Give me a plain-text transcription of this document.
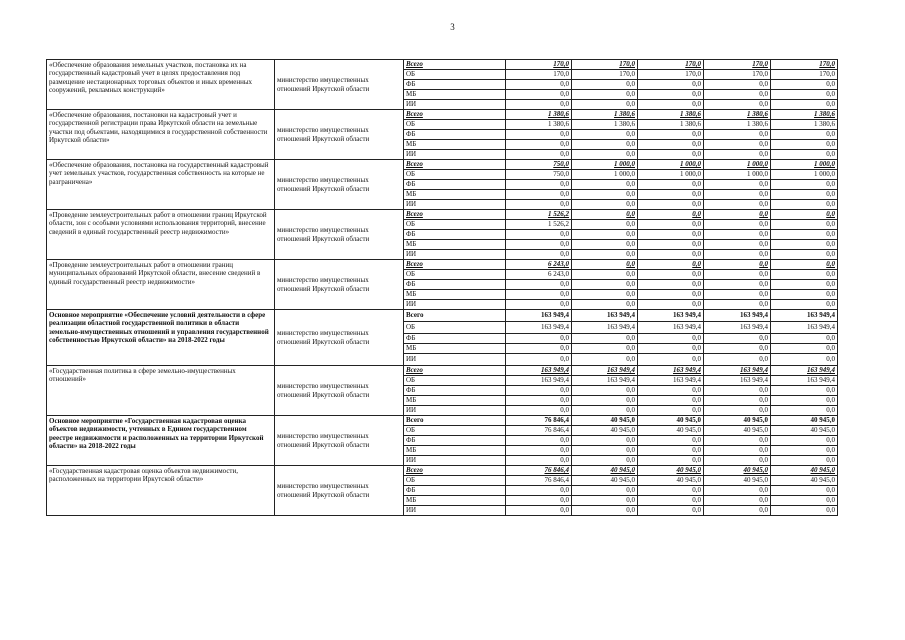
3
«Обеспечение образования земельных участков, постановка их на государственный кадастровый учет в целях предоставления под размещение нестационарных торговых объектов и иных временных сооружений, рекламных конструкций»	министерство имущественных отношений Иркутской области	Всего	170,0	170,0	170,0	170,0	170,0
		ОБ	170,0	170,0	170,0	170,0	170,0
		ФБ	0,0	0,0	0,0	0,0	0,0
		МБ	0,0	0,0	0,0	0,0	0,0
		ИИ	0,0	0,0	0,0	0,0	0,0
«Обеспечение образования, постановки на кадастровый учет и государственной регистрации права Иркутской области на земельные участки под объектами, находящимися в государственной собственности Иркутской области»	министерство имущественных отношений Иркутской области	Всего	1 380,6	1 380,6	1 380,6	1 380,6	1 380,6
		ОБ	1 380,6	1 380,6	1 380,6	1 380,6	1 380,6
		ФБ	0,0	0,0	0,0	0,0	0,0
		МБ	0,0	0,0	0,0	0,0	0,0
		ИИ	0,0	0,0	0,0	0,0	0,0
«Обеспечение образования, постановка на государственный кадастровый учет земельных участков, государственная собственность на которые не разграничена»	министерство имущественных отношений Иркутской области	Всего	750,0	1 000,0	1 000,0	1 000,0	1 000,0
		ОБ	750,0	1 000,0	1 000,0	1 000,0	1 000,0
		ФБ	0,0	0,0	0,0	0,0	0,0
		МБ	0,0	0,0	0,0	0,0	0,0
		ИИ	0,0	0,0	0,0	0,0	0,0
«Проведение землеустроительных работ в отношении границ Иркутской области, зон с особыми условиями использования территорий, внесение сведений в единый государственный реестр недвижимости»	министерство имущественных отношений Иркутской области	Всего	1 526,2	0,0	0,0	0,0	0,0
		ОБ	1 526,2	0,0	0,0	0,0	0,0
		ФБ	0,0	0,0	0,0	0,0	0,0
		МБ	0,0	0,0	0,0	0,0	0,0
		ИИ	0,0	0,0	0,0	0,0	0,0
«Проведение землеустроительных работ в отношении границ муниципальных образований Иркутской области, внесение сведений в единый государственный реестр недвижимости»	министерство имущественных отношений Иркутской области	Всего	6 243,0	0,0	0,0	0,0	0,0
		ОБ	6 243,0	0,0	0,0	0,0	0,0
		ФБ	0,0	0,0	0,0	0,0	0,0
		МБ	0,0	0,0	0,0	0,0	0,0
		ИИ	0,0	0,0	0,0	0,0	0,0
Основное мероприятие «Обеспечение условий деятельности в сфере реализации областной государственной политики в области земельно-имущественных отношений и управления государственной собственностью Иркутской области» на 2018-2022 годы	министерство имущественных отношений Иркутской области	Всего	163 949,4	163 949,4	163 949,4	163 949,4	163 949,4
		ОБ	163 949,4	163 949,4	163 949,4	163 949,4	163 949,4
		ФБ	0,0	0,0	0,0	0,0	0,0
		МБ	0,0	0,0	0,0	0,0	0,0
		ИИ	0,0	0,0	0,0	0,0	0,0
«Государственная политика в сфере земельно-имущественных отношений»	министерство имущественных отношений Иркутской области	Всего	163 949,4	163 949,4	163 949,4	163 949,4	163 949,4
		ОБ	163 949,4	163 949,4	163 949,4	163 949,4	163 949,4
		ФБ	0,0	0,0	0,0	0,0	0,0
		МБ	0,0	0,0	0,0	0,0	0,0
		ИИ	0,0	0,0	0,0	0,0	0,0
Основное мероприятие «Государственная кадастровая оценка объектов недвижимости, учтенных в Едином государственном реестре недвижимости и расположенных на территории Иркутской области» на 2018-2022 годы	министерство имущественных отношений Иркутской области	Всего	76 846,4	40 945,0	40 945,0	40 945,0	40 945,0
		ОБ	76 846,4	40 945,0	40 945,0	40 945,0	40 945,0
		ФБ	0,0	0,0	0,0	0,0	0,0
		МБ	0,0	0,0	0,0	0,0	0,0
		ИИ	0,0	0,0	0,0	0,0	0,0
«Государственная кадастровая оценка объектов недвижимости, расположенных на территории Иркутской области»	министерство имущественных отношений Иркутской области	Всего	76 846,4	40 945,0	40 945,0	40 945,0	40 945,0
		ОБ	76 846,4	40 945,0	40 945,0	40 945,0	40 945,0
		ФБ	0,0	0,0	0,0	0,0	0,0
		МБ	0,0	0,0	0,0	0,0	0,0
		ИИ	0,0	0,0	0,0	0,0	0,0
